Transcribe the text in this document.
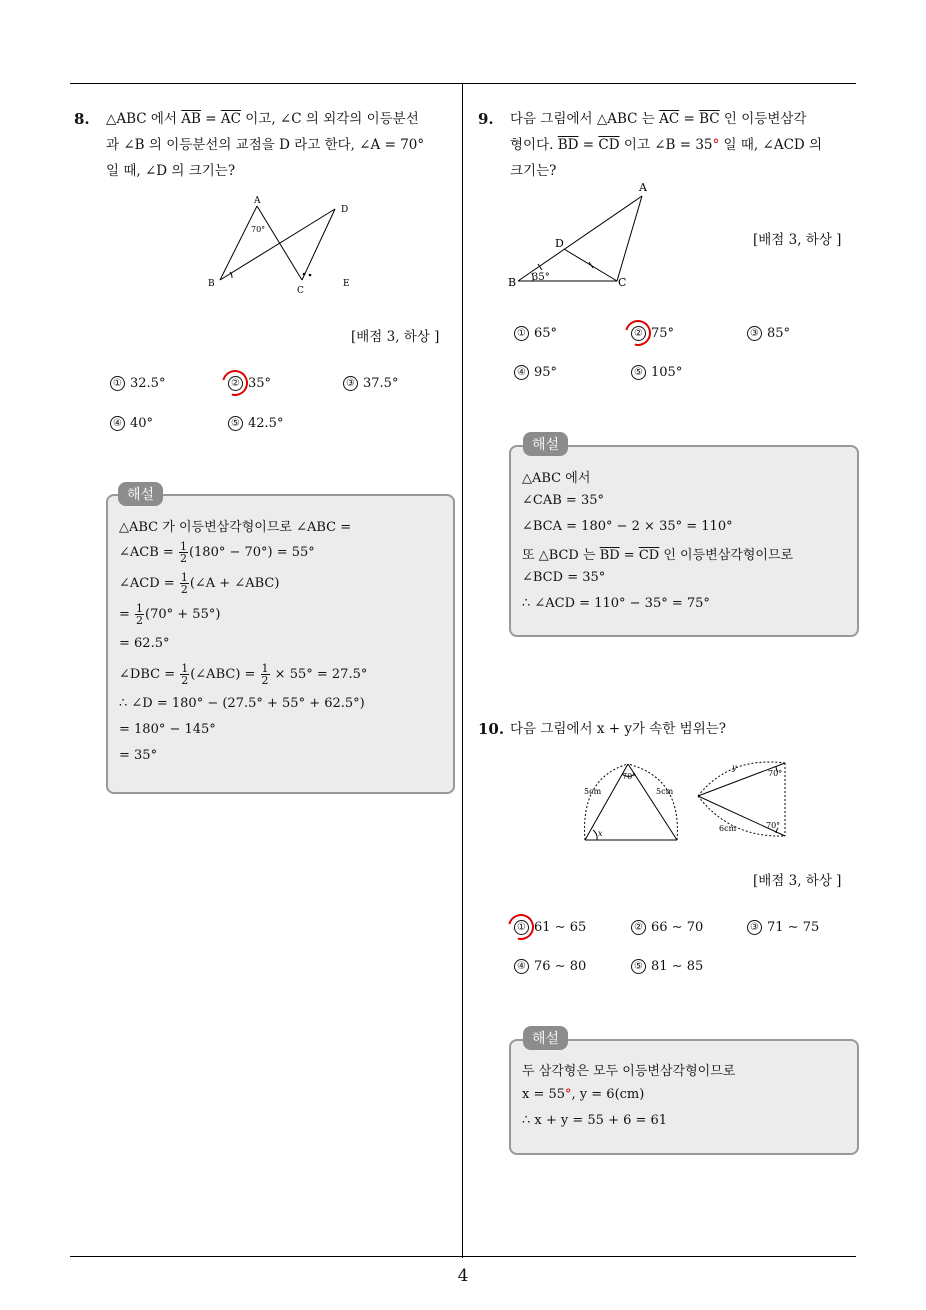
4
8. △ABC 에서 $\overline{AB} = \overline{AC}$ 이고, ∠C 의 외각의 이등분선
과 ∠B 의 이등분선의 교점을 D 라고 한다, ∠A = 70°
일 때, ∠D 의 크기는?
A
B
C
D
E
70°
[배점 3, 하상 ]
① 32.5°	② 35°	③ 37.5°
④ 40°	⑤ 42.5°
해설
△ABC 가 이등변삼각형이므로 ∠ABC =
∠ACB = $\frac{1}{2} (180^\circ - 70^\circ) = 55^\circ$
∠ACD = $\frac{1}{2}$ (∠A + ∠ABC)
= $\frac{1}{2} (70^\circ + 55^\circ)$
= 62.5°
∠DBC = $\frac{1}{2}$ (∠ABC) = $\frac{1}{2} \times 55^\circ = 27.5^\circ$
∴ ∠D = 180° − (27.5° + 55° + 62.5°)
= 180° − 145°
= 35°
9. 다음 그림에서 △ABC 는 $\overline{AC} = \overline{BC}$ 인 이등변삼각
형이다. $\overline{BD} = \overline{CD}$ 이고 ∠B = 35° 일 때, ∠ACD 의
크기는?
A
B	C
D
35°
[배점 3, 하상 ]
① 65°	② 75°	③ 85°
④ 95°	⑤ 105°
해설
△ABC 에서
∠CAB = 35°
∠BCA = 180° − 2 × 35° = 110°
또 △BCD 는 $\overline{BD} = \overline{CD}$ 인 이등변삼각형이므로
∠BCD = 35°
∴ ∠ACD = 110° − 35° = 75°
10. 다음 그림에서 x + y가 속한 범위는?
70°
5cm	5cm
x
y
70°
70°
6cm
[배점 3, 하상 ]
① 61 ∼ 65	② 66 ∼ 70	③ 71 ∼ 75
④ 76 ∼ 80	⑤ 81 ∼ 85
해설
두 삼각형은 모두 이등변삼각형이므로
x = 55°, y = 6(cm)
∴ x + y = 55 + 6 = 61
